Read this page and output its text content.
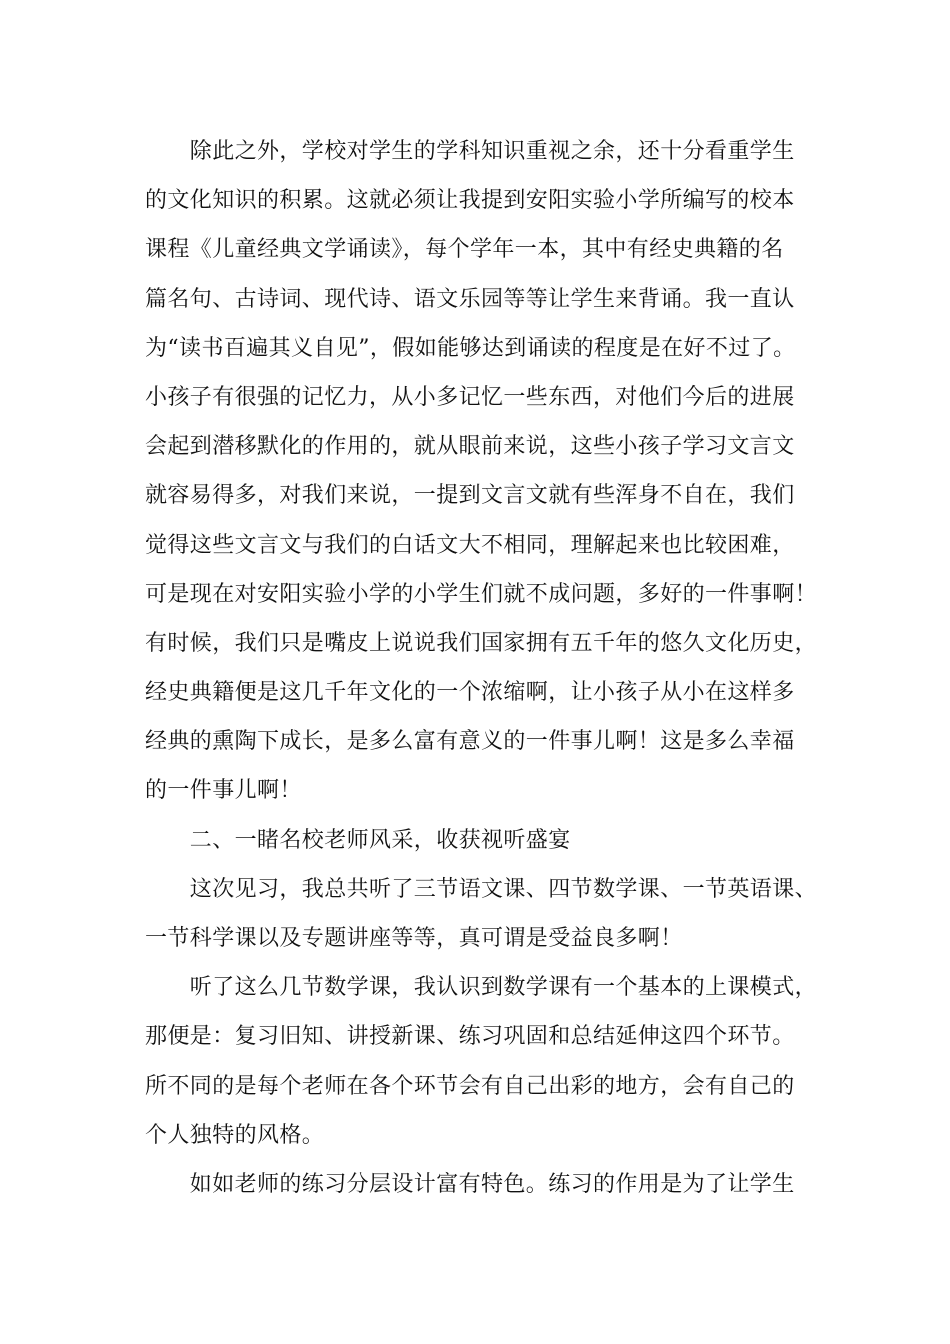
　　除此之外，学校对学生的学科知识重视之余，还十分看重学生
的文化知识的积累。这就必须让我提到安阳实验小学所编写的校本
课程《儿童经典文学诵读》，每个学年一本，其中有经史典籍的名
篇名句、古诗词、现代诗、语文乐园等等让学生来背诵。我一直认
为“读书百遍其义自见”，假如能够达到诵读的程度是在好不过了。
小孩子有很强的记忆力，从小多记忆一些东西，对他们今后的进展
会起到潜移默化的作用的，就从眼前来说，这些小孩子学习文言文
就容易得多，对我们来说，一提到文言文就有些浑身不自在，我们
觉得这些文言文与我们的白话文大不相同，理解起来也比较困难，
可是现在对安阳实验小学的小学生们就不成问题，多好的一件事啊！
有时候，我们只是嘴皮上说说我们国家拥有五千年的悠久文化历史，
经史典籍便是这几千年文化的一个浓缩啊，让小孩子从小在这样多
经典的熏陶下成长，是多么富有意义的一件事儿啊！这是多么幸福
的一件事儿啊！
　　二、一睹名校老师风采，收获视听盛宴
　　这次见习，我总共听了三节语文课、四节数学课、一节英语课、
一节科学课以及专题讲座等等，真可谓是受益良多啊！
　　听了这么几节数学课，我认识到数学课有一个基本的上课模式，
那便是：复习旧知、讲授新课、练习巩固和总结延伸这四个环节。
所不同的是每个老师在各个环节会有自己出彩的地方，会有自己的
个人独特的风格。
　　如如老师的练习分层设计富有特色。练习的作用是为了让学生
